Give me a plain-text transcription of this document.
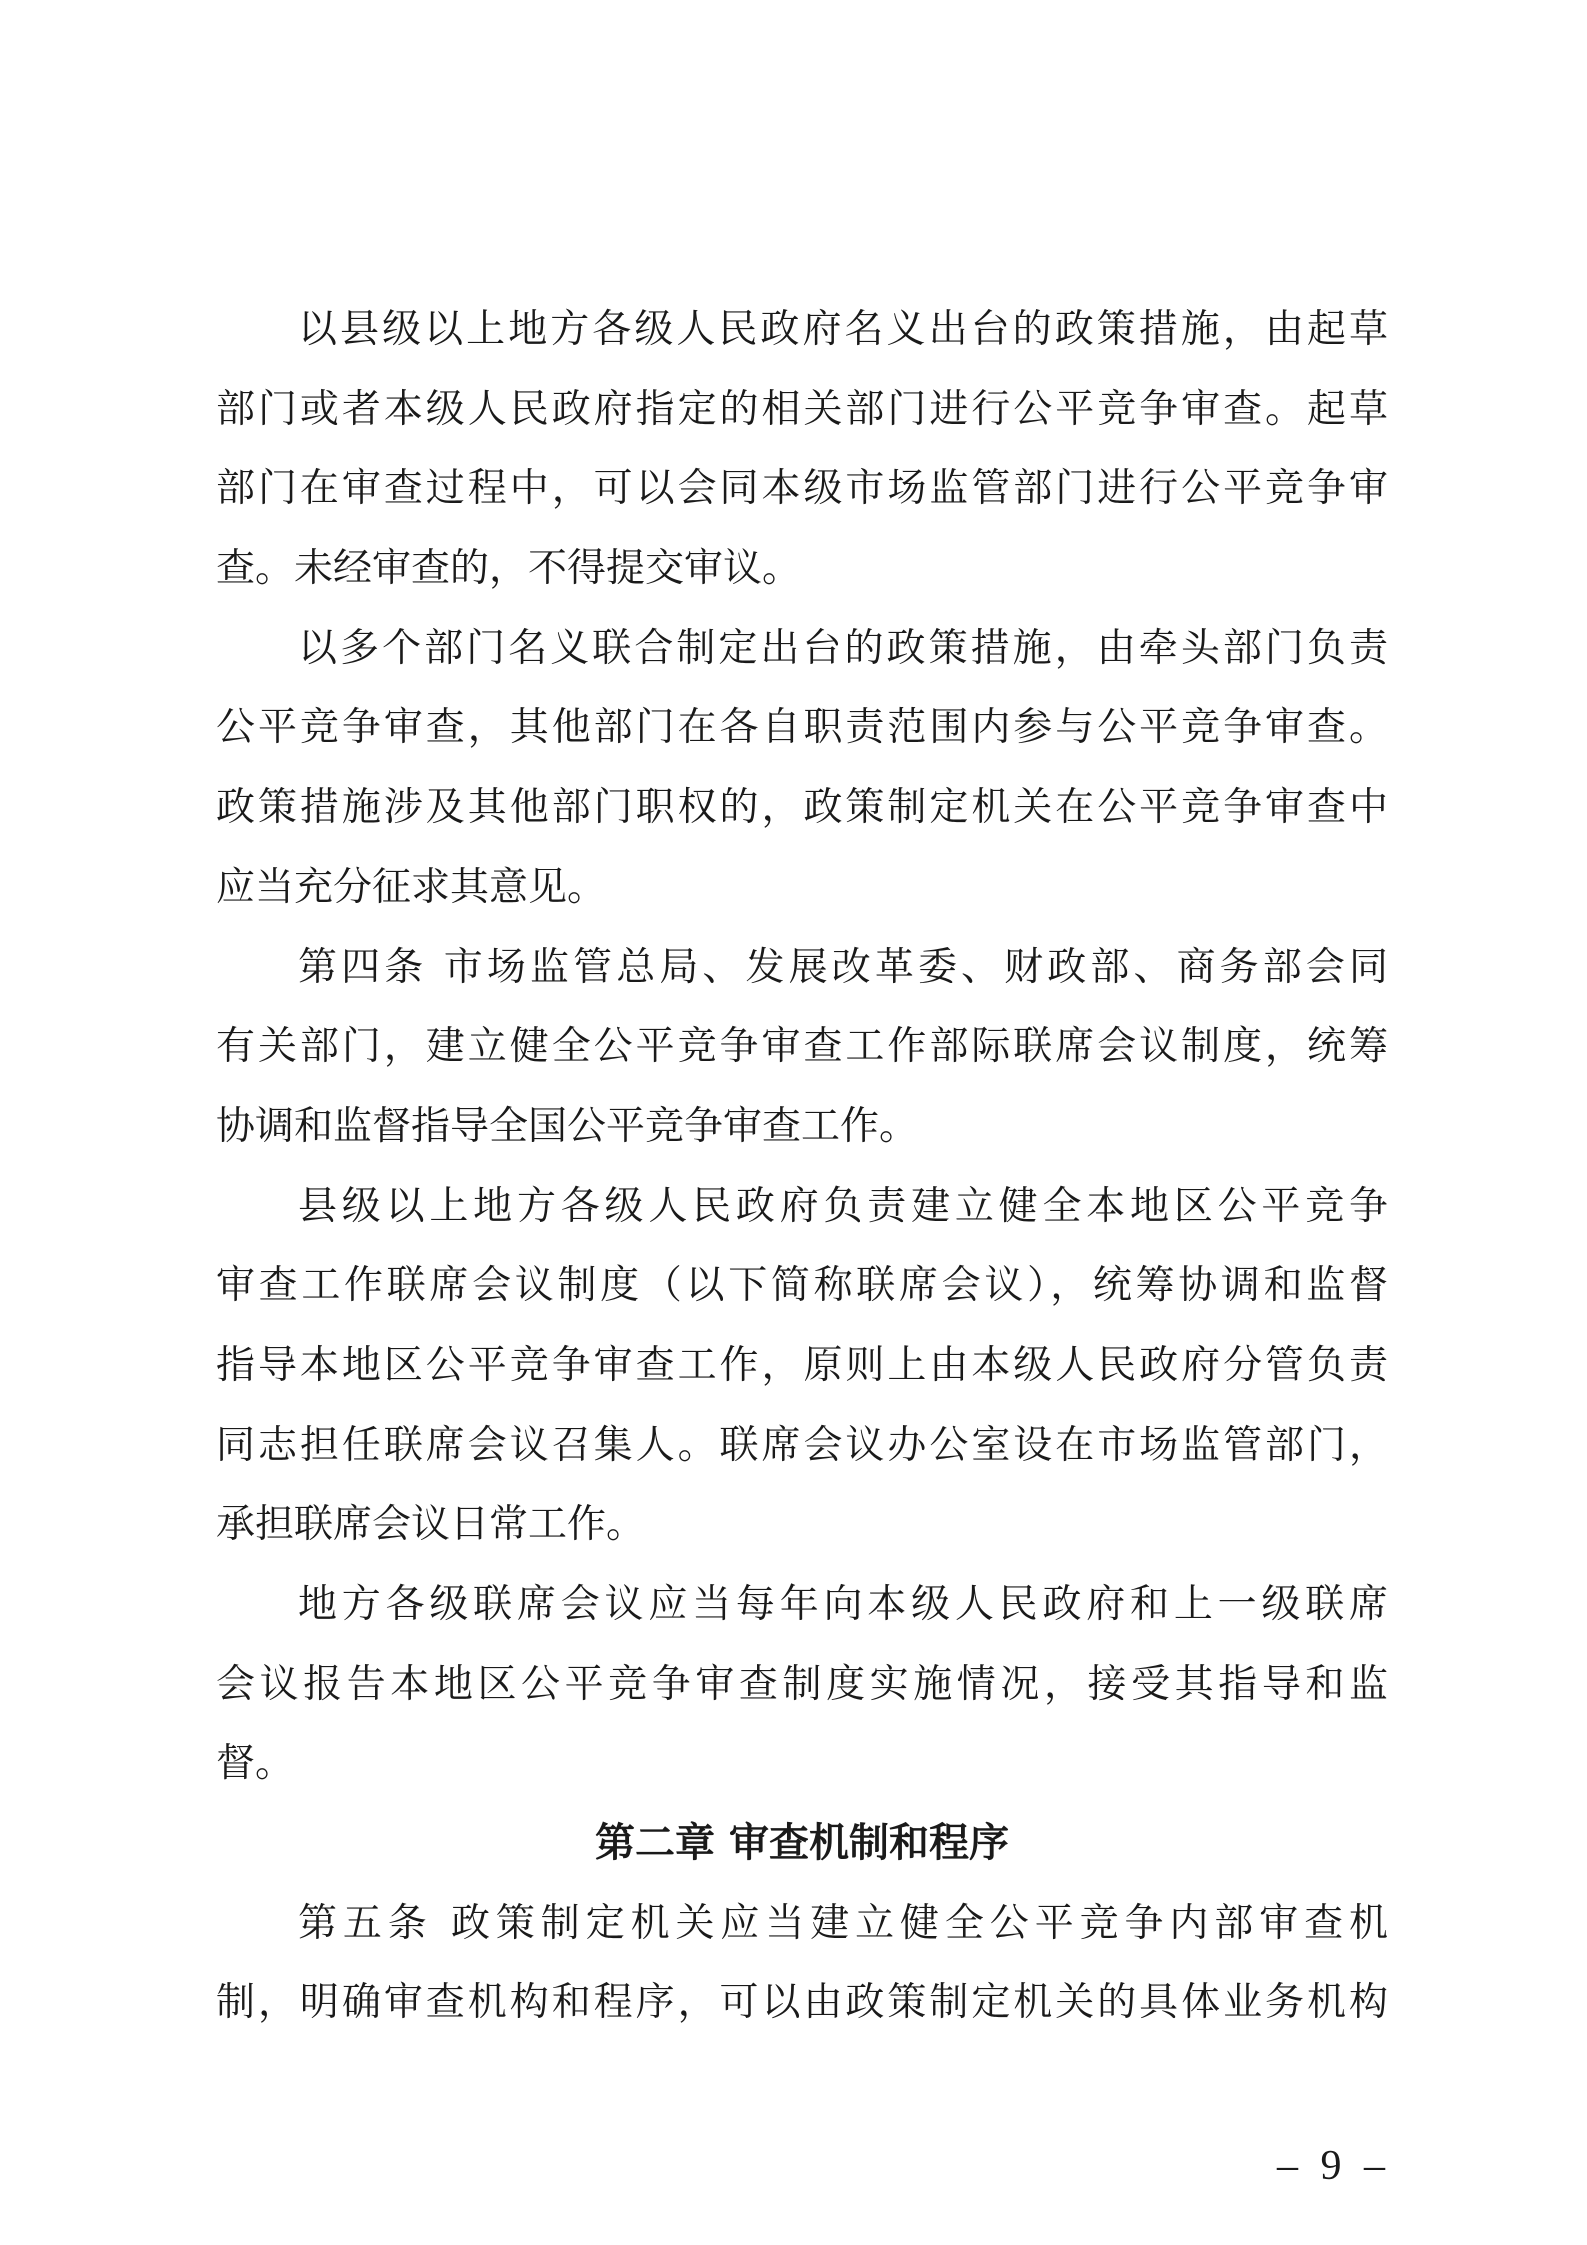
以县级以上地方各级人民政府名义出台的政策措施，由起草
部门或者本级人民政府指定的相关部门进行公平竞争审查。起草
部门在审查过程中，可以会同本级市场监管部门进行公平竞争审
查。未经审查的，不得提交审议。
以多个部门名义联合制定出台的政策措施，由牵头部门负责
公平竞争审查，其他部门在各自职责范围内参与公平竞争审查。
政策措施涉及其他部门职权的，政策制定机关在公平竞争审查中
应当充分征求其意见。
第四条 市场监管总局、发展改革委、财政部、商务部会同
有关部门，建立健全公平竞争审查工作部际联席会议制度，统筹
协调和监督指导全国公平竞争审查工作。
县级以上地方各级人民政府负责建立健全本地区公平竞争
审查工作联席会议制度（以下简称联席会议），统筹协调和监督
指导本地区公平竞争审查工作，原则上由本级人民政府分管负责
同志担任联席会议召集人。联席会议办公室设在市场监管部门，
承担联席会议日常工作。
地方各级联席会议应当每年向本级人民政府和上一级联席
会议报告本地区公平竞争审查制度实施情况，接受其指导和监
督。
第二章 审查机制和程序
第五条 政策制定机关应当建立健全公平竞争内部审查机
制，明确审查机构和程序，可以由政策制定机关的具体业务机构
– 9 –
